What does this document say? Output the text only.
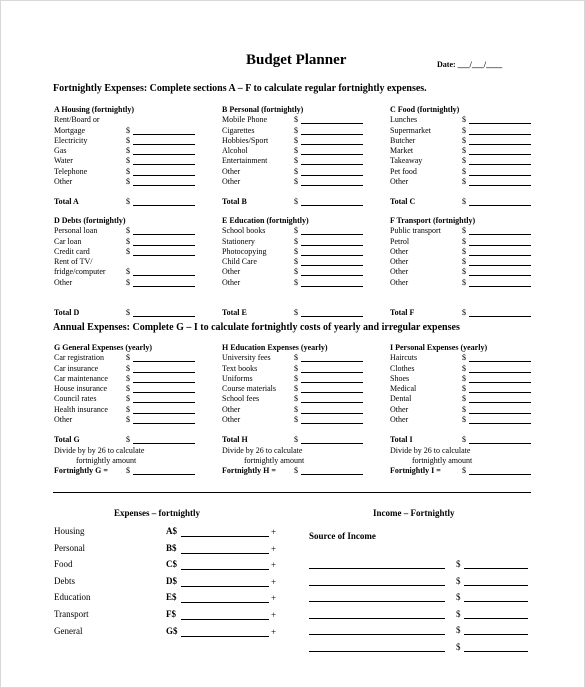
Budget Planner	Date: ___/___/____
Fortnightly Expenses: Complete sections A – F to calculate regular fortnightly expenses.
Annual Expenses: Complete G – I to calculate fortnightly costs of yearly and irregular expenses
A Housing (fortnightly)
Rent/Board or
Mortgage	$
Electricity	$
Gas	$
Water	$
Telephone	$
Other	$
Total A	$
B Personal (fortnightly)
Mobile Phone	$
Cigarettes	$
Hobbies/Sport	$
Alcohol	$
Entertainment	$
Other	$
Other	$
Total B	$
C Food (fortnightly)
Lunches	$
Supermarket	$
Butcher	$
Market	$
Takeaway	$
Pet food	$
Other	$
Total C	$
D Debts (fortnightly)
Personal loan	$
Car loan	$
Credit card	$
Rent of TV/
fridge/computer	$
Other	$
Total D	$
E Education (fortnightly)
School books	$
Stationery	$
Photocopying	$
Child Care	$
Other	$
Other	$
Total E	$
F Transport (fortnightly)
Public transport	$
Petrol	$
Other	$
Other	$
Other	$
Other	$
Total F	$
G General Expenses (yearly)
Car registration	$
Car insurance	$
Car maintenance $
House insurance $
Council rates	$
Health insurance $
Other	$
Total G	$
Divide by by 26 to calculate
fortnightly amount
Fortnightly G = $
H Education Expenses (yearly)
University fees	$
Text books	$
Uniforms	$
Course materials $
School fees	$
Other	$
Other	$
Total H	$
Divide by 26 to calculate
fortnightly amount
Fortnightly H = $
I Personal Expenses (yearly)
Haircuts	$
Clothes	$
Shoes	$
Medical	$
Dental	$
Other	$
Other	$
Total I	$
Divide by 26 to calculate
fortnightly amount
Fortnightly I =	$
Expenses – fortnightly
Housing	A$	+
Personal	B$	+
Food	C$	+
Debts	D$	+
Education	E$	+
Transport	F$	+
General	G$	+
Income – Fortnightly
Source of Income
$
$
$
$
$
$
